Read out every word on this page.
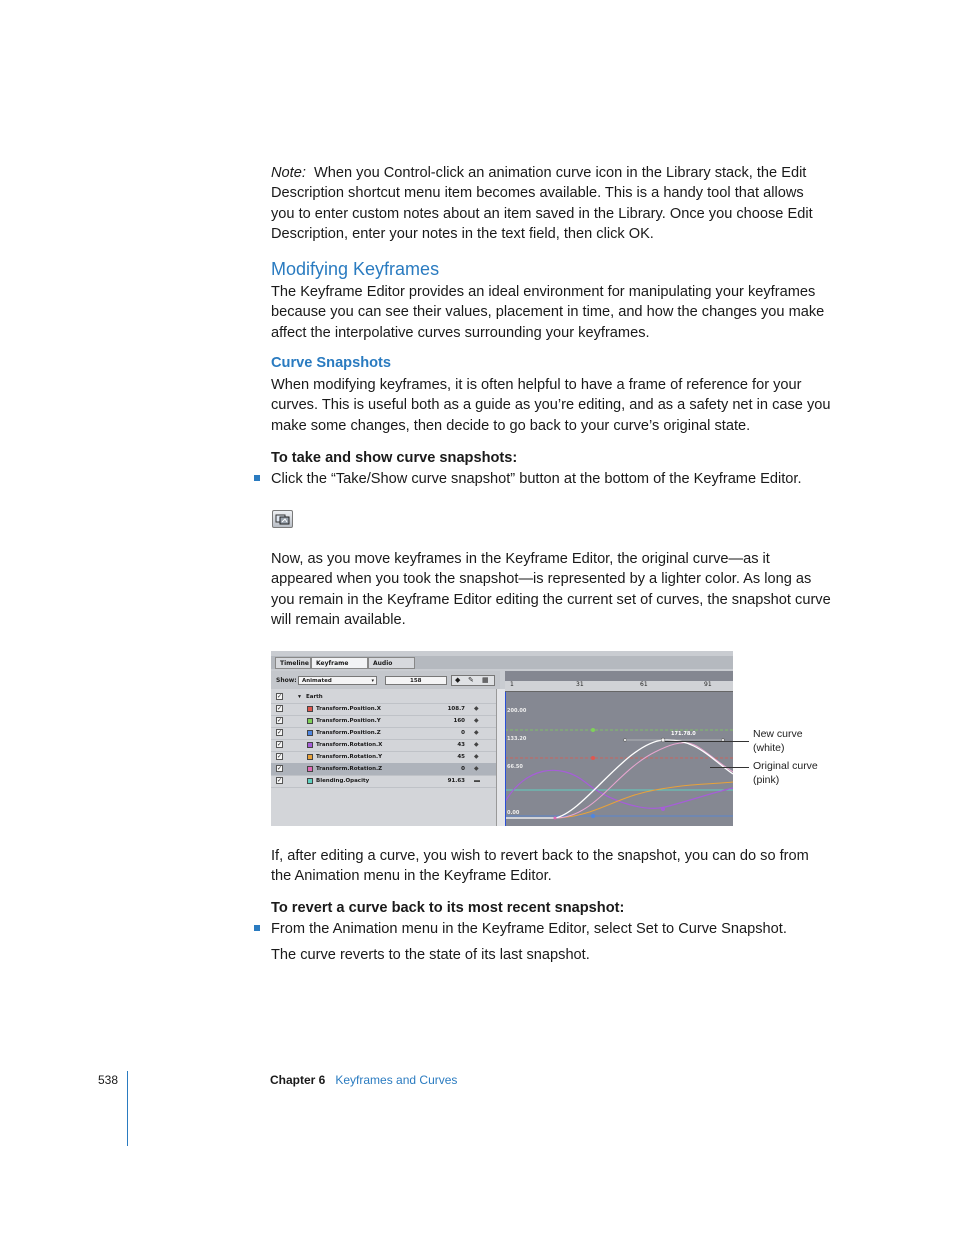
Note: When you Control-click an animation curve icon in the Library stack, the Edit Description shortcut menu item becomes available. This is a handy tool that allows you to enter custom notes about an item saved in the Library. Once you choose Edit Description, enter your notes in the text field, then click OK.

Modifying Keyframes

The Keyframe Editor provides an ideal environment for manipulating your keyframes because you can see their values, placement in time, and how the changes you make affect the interpolative curves surrounding your keyframes.

Curve Snapshots

When modifying keyframes, it is often helpful to have a frame of reference for your curves. This is useful both as a guide as you’re editing, and as a safety net in case you make some changes, then decide to go back to your curve’s original state.

To take and show curve snapshots:

Click the “Take/Show curve snapshot” button at the bottom of the Keyframe Editor.

Now, as you move keyframes in the Keyframe Editor, the original curve—as it appeared when you took the snapshot—is represented by a lighter color. As long as you remain in the Keyframe Editor editing the current set of curves, the snapshot curve will remain available.

Timeline	Keyframe	Audio
Show: Animated	▾	158	◆ ✎ ▦
✓	▼ Earth
✓	Transform.Position.X	108.7 ◆
✓	Transform.Position.Y	160 ◆
✓	Transform.Position.Z	0 ◆
✓	Transform.Rotation.X	43 ◆
✓	Transform.Rotation.Y	45 ◆
✓	Transform.Rotation.Z	0 ◆
✓	Blending.Opacity	91.63 ▬
1	31	61	91
200.00
133.20
66.50
0.00
171.78.0	New curve
(white)
Original curve
(pink)

If, after editing a curve, you wish to revert back to the snapshot, you can do so from the Animation menu in the Keyframe Editor.

To revert a curve back to its most recent snapshot:

From the Animation menu in the Keyframe Editor, select Set to Curve Snapshot.

The curve reverts to the state of its last snapshot.

538	Chapter 6 Keyframes and Curves
